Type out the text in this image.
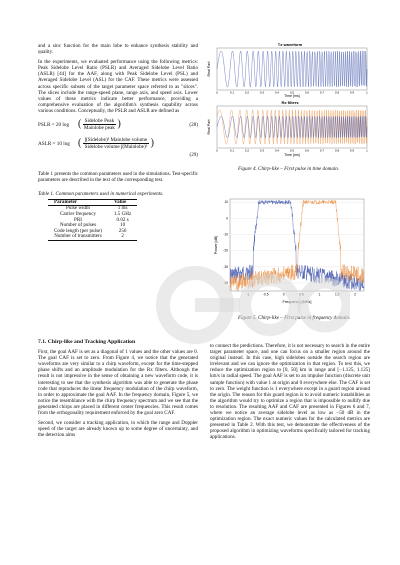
and a sinc function for the main lobe to enhance synthesis stability and quality.

In the experiments, we evaluated performance using the following metrics: Peak Sidelobe Level Ratio (PSLR) and Averaged Sidelobe Level Ratio (ASLR) [44] for the AAF, along with Peak Sidelobe Level (PSL) and Averaged Sidelobe Level (ASL) for the CAF. These metrics were assessed across specific subsets of the target parameter space referred to as "slices". The slices include the range-speed plane, range axis, and speed axis. Lower values of these metrics indicate better performance, providing a comprehensive evaluation of the algorithm's synthesis capability across various conditions. Conceptually, the PSLR and ASLR are defined as

PSLR = 20 log ( $\frac{\text{Sidelobe Peak}}{\text{Mainlobe peak}}$ )	(28)
ASLR = 10 log ( $\frac{\text{∫(Sidelobe)² Mainlobe volume}}{\text{Sidelobe volume ∫(Mainlobe)²}}$ )
(29)

Table 1 presents the common parameters used in the simulations. Test-specific parameters are described in the text of the corresponding test.

Table 1. Common parameters used in numerical experiments.
Parameter	Value
Pulse width	1 ms
Carrier frequency	1.5 GHz
PRI	0.02 s
Number of pulses	10
Code length (per pulse)	256
Number of transmitters	2
7.1. Chirp-like and Tracking Application

First, the goal AAF is set as a diagonal of 1 values and the other values are 0. The goal CAF is set to zero. From Figure 4, we notice that the generated waveforms are very similar to a chirp waveform, except for the time-stepped phase shifts and an amplitude modulation for the Rx filters. Although the result is not impressive in the sense of obtaining a new waveform code, it is interesting to see that the synthesis algorithm was able to generate the phase code that reproduces the linear frequency modulation of the chirp waveform, in order to approximate the goal AAF. In the frequency domain, Figure 5, we notice the resemblance with the chirp frequency spectrum and we see that the generated chirps are placed in different center frequencies. This result comes from the orthogonality requirement enforced by the goal zero CAF.

Second, we consider a tracking application, in which the range and Doppler speed of the target are already known up to some degree of uncertainty, and the detection aims

Tx waveform
Real Part
0	0.1	0.2	0.3	0.4	0.5	0.6	0.7	0.8	0.9	1
Time [ms]
Rx filters
Real Part
0	0.1	0.2	0.3	0.4	0.5	0.6	0.7	0.8	0.9	1
Time [ms]
Figure 4. Chirp-like – First pulse in time domain.
10
0
-10
-20
-30
-40
-1	-0.5	0	0.5	1	1.5	2
Power [dB]
Frequency [MHz]
Figure 5. Chirp-like – First pulse in frequency domain.

to connect the predictions. Therefore, it is not necessary to search in the entire target parameter space, and one can focus on a smaller region around the original instead. In this case, high sidelobes outside the search region are irrelevant and we can ignore the optimization in that region. To test this, we reduce the optimization region to [0, 50] km in range and [−1.125, 1.125] km/s in radial speed. The goal AAF is set to an impulse function (discrete unit sample function) with value 1 at origin and 0 everywhere else. The CAF is set to zero. The weight function is 1 everywhere except in a guard region around the origin. The reason for this guard region is to avoid numeric instabilities as the algorithm would try to optimize a region that is impossible to nullify due to resolution. The resulting AAF and CAF are presented in Figures 6 and 7, where we notice an average sidelobe level as low as −50 dB in the optimization region. The exact numeric values for the calculated metrics are presented in Table 2. With this test, we demonstrate the effectiveness of the proposed algorithm in optimizing waveforms specifically tailored for tracking applications.
